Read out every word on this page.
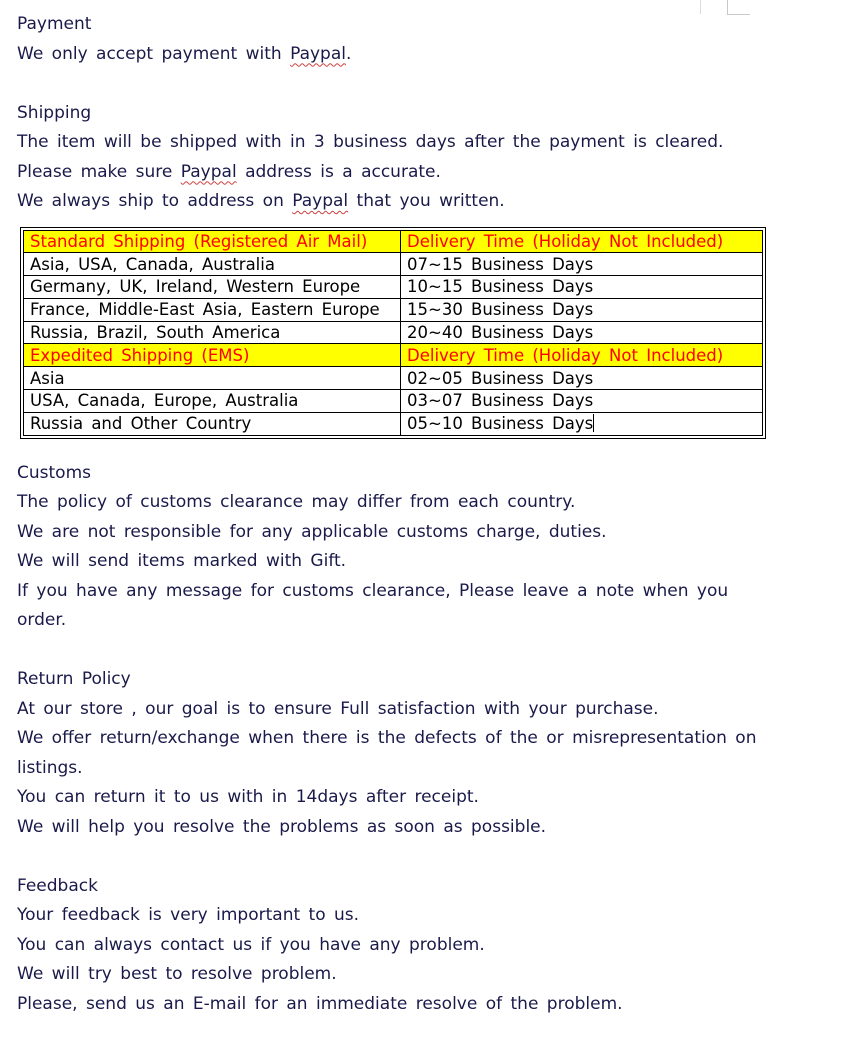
Payment
We only accept payment with Paypal.
Shipping
The item will be shipped with in 3 business days after the payment is cleared.
Please make sure Paypal address is a accurate.
We always ship to address on Paypal that you written.
Standard Shipping (Registered Air Mail)	Delivery Time (Holiday Not Included)
Asia, USA, Canada, Australia	07~15 Business Days
Germany, UK, Ireland, Western Europe	10~15 Business Days
France, Middle-East Asia, Eastern Europe	15~30 Business Days
Russia, Brazil, South America	20~40 Business Days
Expedited Shipping (EMS)	Delivery Time (Holiday Not Included)
Asia	02~05 Business Days
USA, Canada, Europe, Australia	03~07 Business Days
Russia and Other Country	05~10 Business Days
Customs
The policy of customs clearance may differ from each country.
We are not responsible for any applicable customs charge, duties.
We will send items marked with Gift.
If you have any message for customs clearance, Please leave a note when you order.
Return Policy
At our store , our goal is to ensure Full satisfaction with your purchase.
We offer return/exchange when there is the defects of the or misrepresentation on listings.
You can return it to us with in 14days after receipt.
We will help you resolve the problems as soon as possible.
Feedback
Your feedback is very important to us.
You can always contact us if you have any problem.
We will try best to resolve problem.
Please, send us an E-mail for an immediate resolve of the problem.
